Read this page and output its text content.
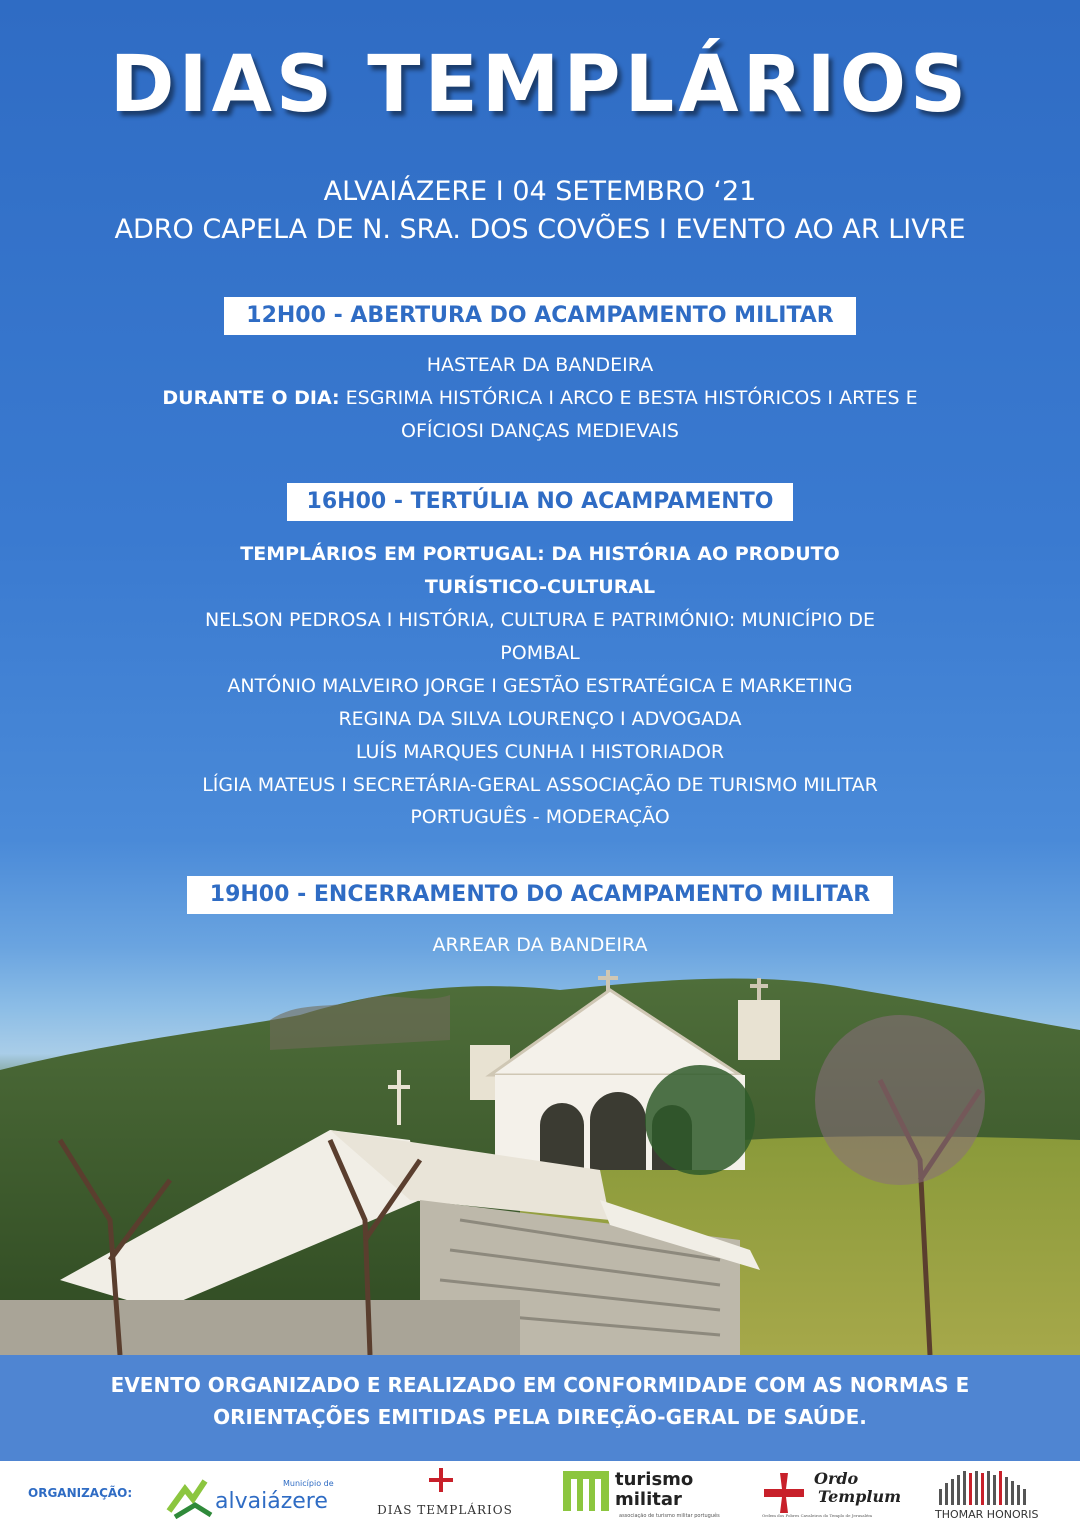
DIAS TEMPLÁRIOS
ALVAIÁZERE I 04 SETEMBRO ‘21
ADRO CAPELA DE N. SRA. DOS COVÕES I EVENTO AO AR LIVRE
12H00 - ABERTURA DO ACAMPAMENTO MILITAR
HASTEAR DA BANDEIRA
DURANTE O DIA: ESGRIMA HISTÓRICA I ARCO E BESTA HISTÓRICOS I ARTES E
OFÍCIOSI DANÇAS MEDIEVAIS
16H00 - TERTÚLIA NO ACAMPAMENTO
TEMPLÁRIOS EM PORTUGAL: DA HISTÓRIA AO PRODUTO
TURÍSTICO-CULTURAL
NELSON PEDROSA I HISTÓRIA, CULTURA E PATRIMÓNIO: MUNICÍPIO DE
POMBAL
ANTÓNIO MALVEIRO JORGE I GESTÃO ESTRATÉGICA E MARKETING
REGINA DA SILVA LOURENÇO I ADVOGADA
LUÍS MARQUES CUNHA I HISTORIADOR
LÍGIA MATEUS I SECRETÁRIA-GERAL ASSOCIAÇÃO DE TURISMO MILITAR
PORTUGUÊS - MODERAÇÃO
19H00 - ENCERRAMENTO DO ACAMPAMENTO MILITAR
ARREAR DA BANDEIRA
EVENTO ORGANIZADO E REALIZADO EM CONFORMIDADE COM AS NORMAS E
ORIENTAÇÕES EMITIDAS PELA DIREÇÃO-GERAL DE SAÚDE.
ORGANIZAÇÃO:
Município de
alvaiázere	DIAS TEMPLÁRIOS
turismo
militar
associação de turismo militar português
Ordo
Templum
Ordem dos Pobres Cavaleiros do Templo de Jerusalém	THOMAR HONORIS
